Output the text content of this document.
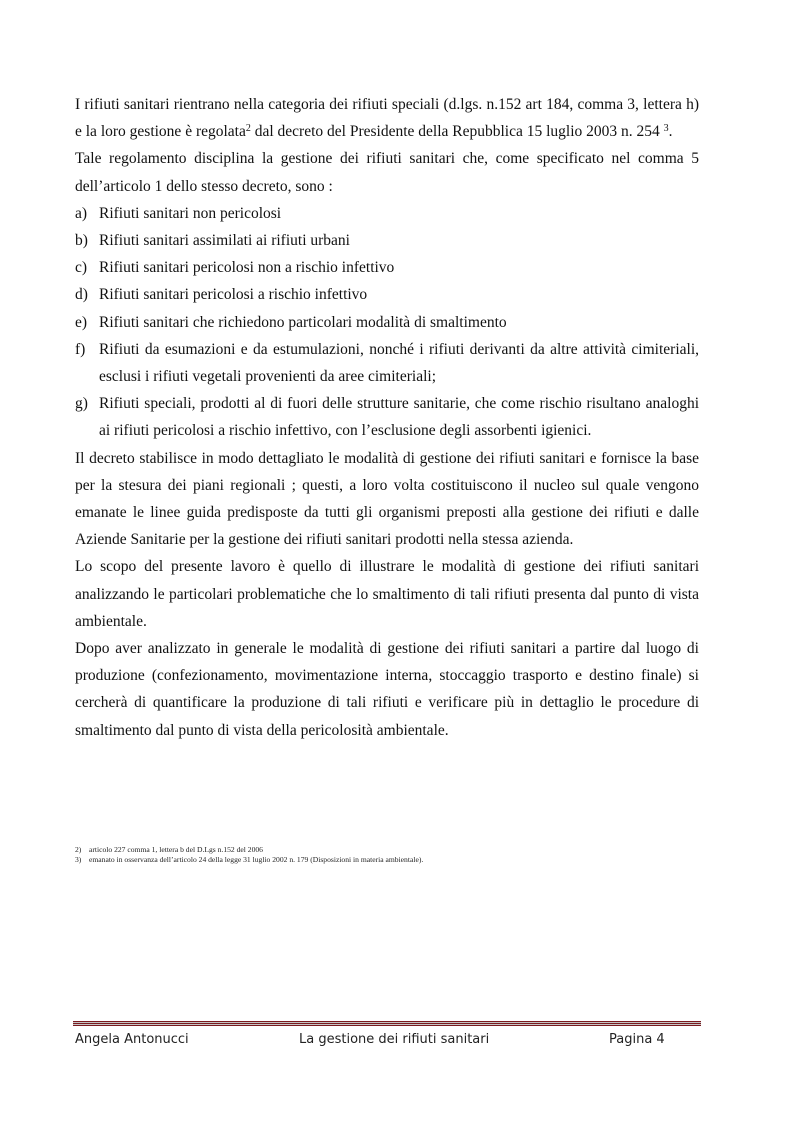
I rifiuti sanitari rientrano nella categoria dei rifiuti speciali (d.lgs. n.152 art 184, comma 3, lettera h) e la loro gestione è regolata$^2$ dal decreto del Presidente della Repubblica 15 luglio 2003 n. 254 $^3$.

Tale regolamento disciplina la gestione dei rifiuti sanitari che, come specificato nel comma 5 dell’articolo 1 dello stesso decreto, sono :

a) Rifiuti sanitari non pericolosi
b) Rifiuti sanitari assimilati ai rifiuti urbani
c) Rifiuti sanitari pericolosi non a rischio infettivo
d) Rifiuti sanitari pericolosi a rischio infettivo
e) Rifiuti sanitari che richiedono particolari modalità di smaltimento
f) Rifiuti da esumazioni e da estumulazioni, nonché i rifiuti derivanti da altre attività cimiteriali, esclusi i rifiuti vegetali provenienti da aree cimiteriali;
g) Rifiuti speciali, prodotti al di fuori delle strutture sanitarie, che come rischio risultano analoghi ai rifiuti pericolosi a rischio infettivo, con l’esclusione degli assorbenti igienici.

Il decreto stabilisce in modo dettagliato le modalità di gestione dei rifiuti sanitari e fornisce la base per la stesura dei piani regionali ; questi, a loro volta costituiscono il nucleo sul quale vengono emanate le linee guida predisposte da tutti gli organismi preposti alla gestione dei rifiuti e dalle Aziende Sanitarie per la gestione dei rifiuti sanitari prodotti nella stessa azienda.

Lo scopo del presente lavoro è quello di illustrare le modalità di gestione dei rifiuti sanitari analizzando le particolari problematiche che lo smaltimento di tali rifiuti presenta dal punto di vista ambientale.

Dopo aver analizzato in generale le modalità di gestione dei rifiuti sanitari a partire dal luogo di produzione (confezionamento, movimentazione interna, stoccaggio trasporto e destino finale) si cercherà di quantificare la produzione di tali rifiuti e verificare più in dettaglio le procedure di smaltimento dal punto di vista della pericolosità ambientale.

2)	articolo 227 comma 1, lettera b del D.Lgs n.152 del 2006
3)	emanato in osservanza dell’articolo 24 della legge 31 luglio 2002 n. 179 (Disposizioni in materia ambientale).
Angela Antonucci	La gestione dei rifiuti sanitari	Pagina 4
